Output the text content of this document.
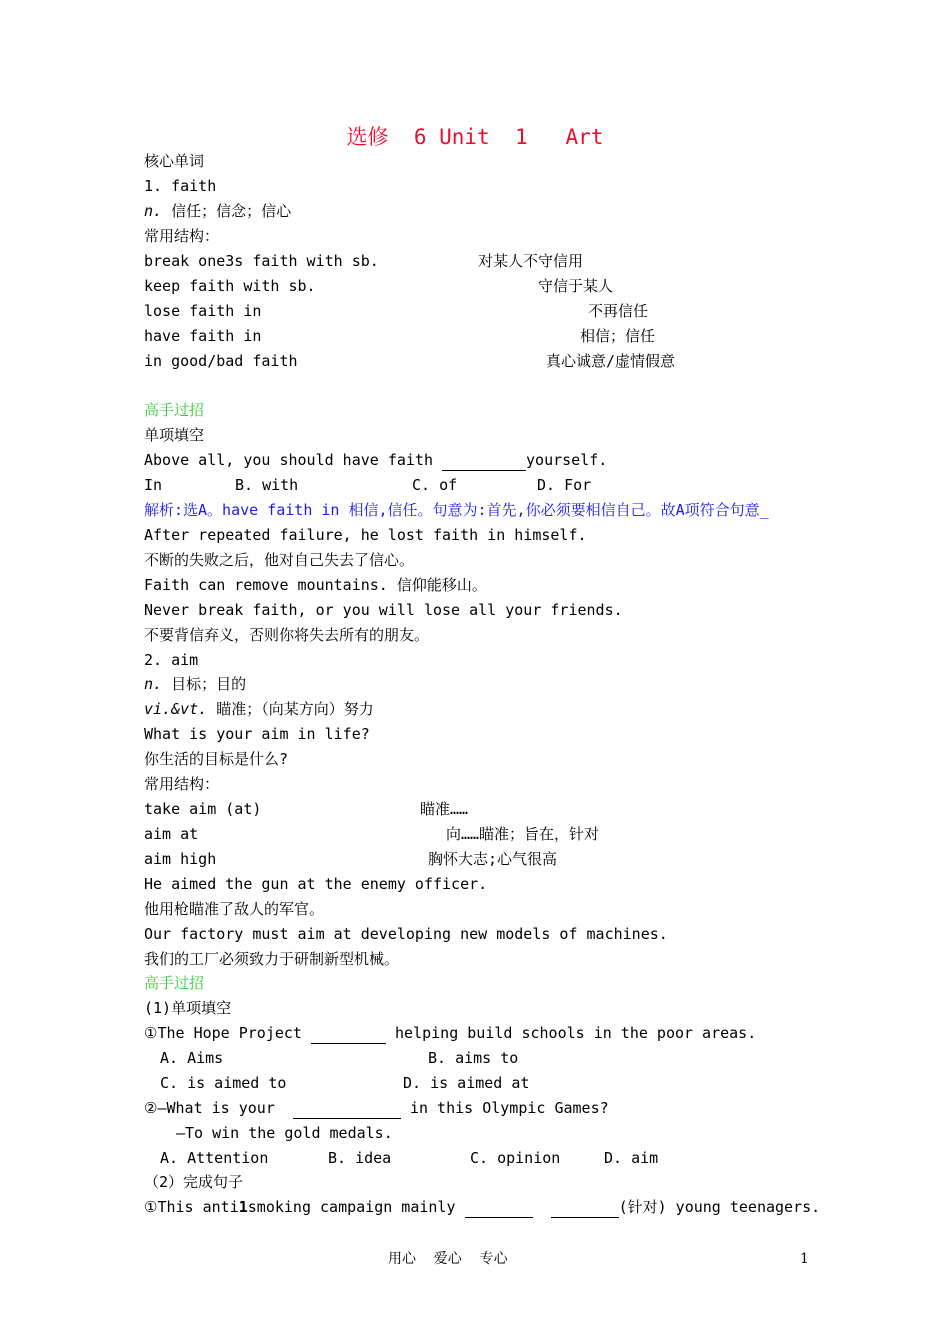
选修  6 Unit  1   Art
核心单词
1. faith
n. 信任；信念；信心
常用结构：
break one3s faith with sb.	对某人不守信用
keep faith with sb.	守信于某人
lose faith in	不再信任
have faith in	相信；信任
in good/bad faith	真心诚意/虚情假意
高手过招
单项填空
Above all, you should have faith	yourself.
In	B. with	C. of	D. For
解析:选A。have faith in 相信,信任。句意为:首先,你必须要相信自己。故A项符合句意_
After repeated failure, he lost faith in himself.
不断的失败之后，他对自己失去了信心。
Faith can remove mountains. 信仰能移山。
Never break faith, or you will lose all your friends.
不要背信弃义，否则你将失去所有的朋友。
2. aim
n. 目标；目的
vi.&vt. 瞄准；（向某方向）努力
What is your aim in life?
你生活的目标是什么?
常用结构：
take aim (at)	瞄准……
aim at	向……瞄准；旨在，针对
aim high	胸怀大志;心气很高
He aimed the gun at the enemy officer.
他用枪瞄准了敌人的军官。
Our factory must aim at developing new models of machines.
我们的工厂必须致力于研制新型机械。
高手过招
(1)单项填空
①The Hope Project	helping build schools in the poor areas.
A. Aims	B. aims to
C. is aimed to	D. is aimed at
②—What is your	in this Olympic Games?
—To win the gold medals.
A. Attention	B. idea	C. opinion	D. aim
（2）完成句子
①This anti1smoking campaign mainly	(针对) young teenagers.
用心    爱心    专心	1
